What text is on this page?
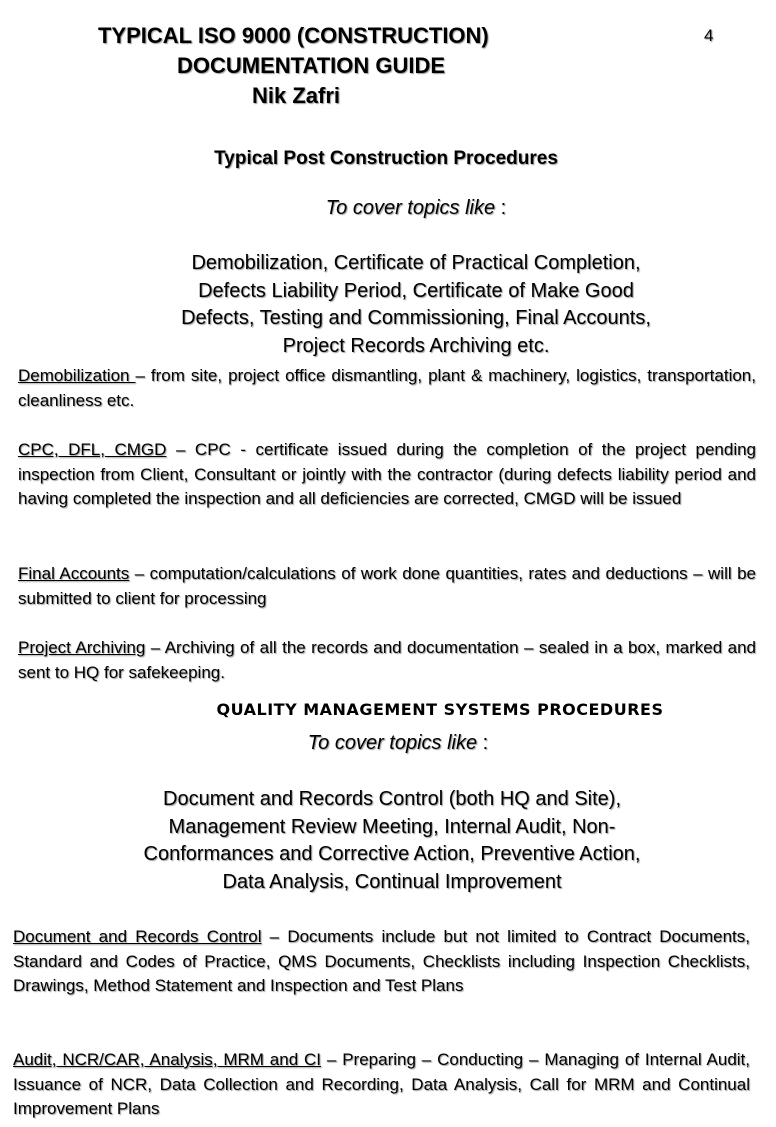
TYPICAL ISO 9000 (CONSTRUCTION)
DOCUMENTATION GUIDE
Nik Zafri
4
Typical Post Construction Procedures
To cover topics like :
Demobilization, Certificate of Practical Completion,
Defects Liability Period, Certificate of Make Good
Defects, Testing and Commissioning, Final Accounts,
Project Records Archiving etc.
Demobilization – from site, project office dismantling, plant & machinery, logistics, transportation, cleanliness etc.
CPC, DFL, CMGD – CPC - certificate issued during the completion of the project pending inspection from Client, Consultant or jointly with the contractor (during defects liability period and having completed the inspection and all deficiencies are corrected, CMGD will be issued
Final Accounts – computation/calculations of work done quantities, rates and deductions – will be submitted to client for processing
Project Archiving – Archiving of all the records and documentation – sealed in a box, marked and sent to HQ for safekeeping.
QUALITY MANAGEMENT SYSTEMS PROCEDURES
To cover topics like :
Document and Records Control (both HQ and Site),
Management Review Meeting, Internal Audit, Non-
Conformances and Corrective Action, Preventive Action,
Data Analysis, Continual Improvement
Document and Records Control – Documents include but not limited to Contract Documents, Standard and Codes of Practice, QMS Documents, Checklists including Inspection Checklists, Drawings, Method Statement and Inspection and Test Plans
Audit, NCR/CAR, Analysis, MRM and CI – Preparing – Conducting – Managing of Internal Audit, Issuance of NCR, Data Collection and Recording, Data Analysis, Call for MRM and Continual Improvement Plans
